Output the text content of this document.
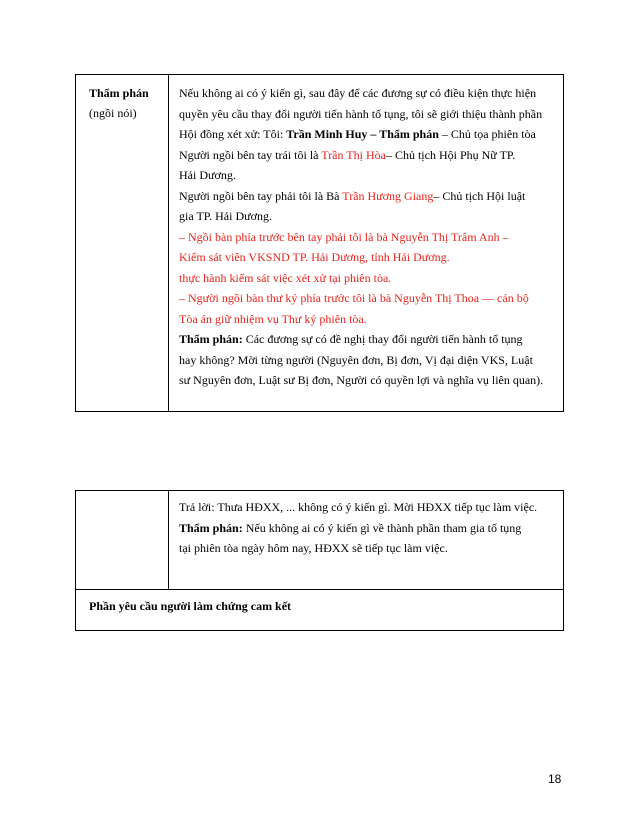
Thẩm phán

(ngồi nói)

Nếu không ai có ý kiến gì, sau đây để các đương sự có điều kiện thực hiện

quyền yêu cầu thay đổi người tiến hành tố tụng, tôi sẽ giới thiệu thành phần

Hội đồng xét xử: Tôi: Trần Minh Huy – Thẩm phán – Chủ tọa phiên tòa

Người ngồi bên tay trái tôi là Trần Thị Hòa– Chủ tịch Hội Phụ Nữ TP.

Hải Dương.

Người ngồi bên tay phải tôi là Bà Trần Hương Giang– Chủ tịch Hội luật

gia TP. Hải Dương.

– Ngồi bàn phía trước bên tay phải tôi là bà Nguyễn Thị Trâm Anh –

Kiểm sát viên VKSND TP. Hải Dương, tỉnh Hải Dương.

thực hành kiểm sát việc xét xử tại phiên tòa.

– Người ngồi bàn thư ký phía trước tôi là bà Nguyễn Thị Thoa — cán bộ

Tòa án giữ nhiệm vụ Thư ký phiên tòa.

Thẩm phán: Các đương sự có đề nghị thay đổi người tiến hành tố tụng

hay không? Mời từng người (Nguyên đơn, Bị đơn, Vị đại diện VKS, Luật

sư Nguyên đơn, Luật sư Bị đơn, Người có quyền lợi và nghĩa vụ liên quan).

Trả lời: Thưa HĐXX, ... không có ý kiến gì. Mời HĐXX tiếp tục làm việc.

Thẩm phán: Nếu không ai có ý kiến gì về thành phần tham gia tố tụng

tại phiên tòa ngày hôm nay, HĐXX sẽ tiếp tục làm việc.

Phần yêu cầu người làm chứng cam kết
18
